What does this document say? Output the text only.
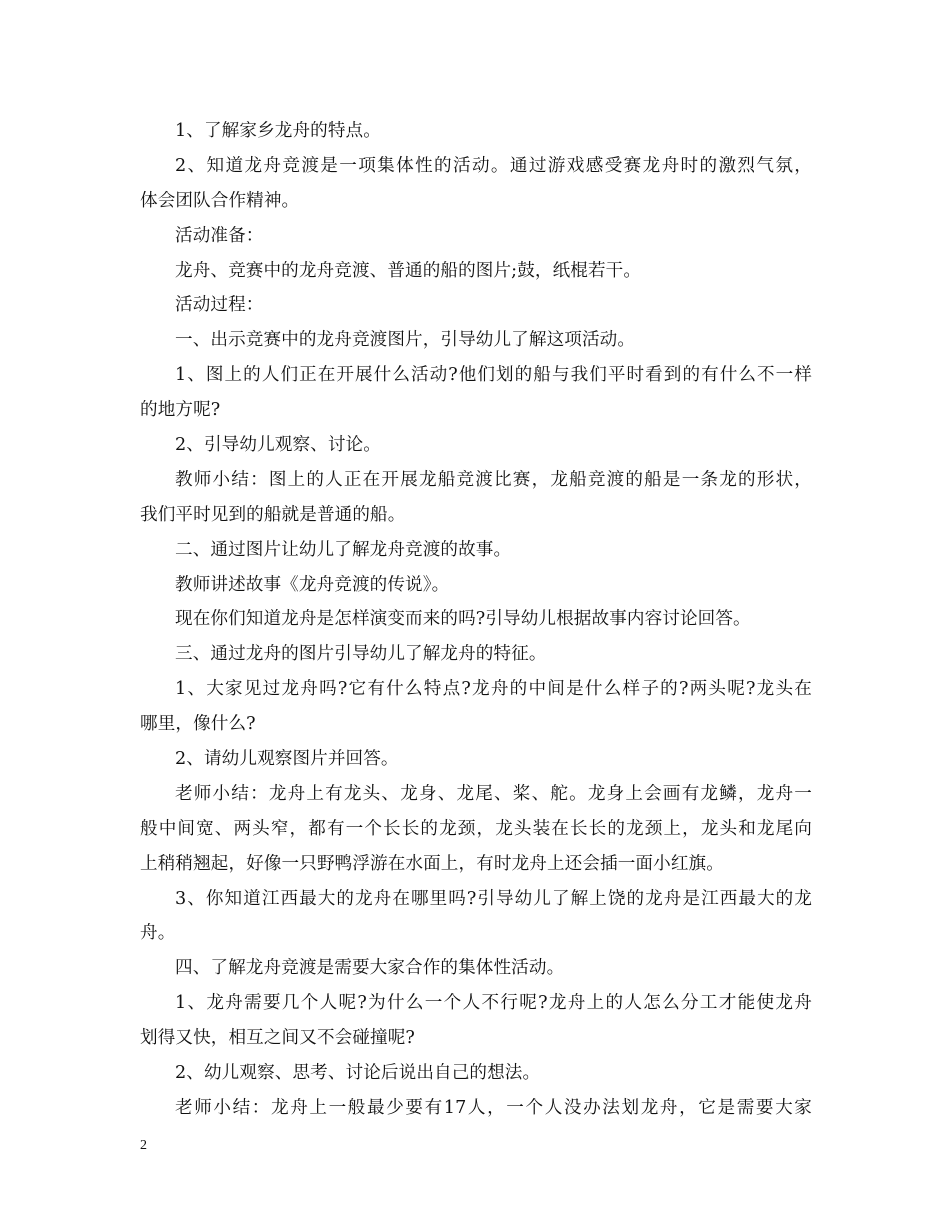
1、了解家乡龙舟的特点。
2、知道龙舟竞渡是一项集体性的活动。通过游戏感受赛龙舟时的激烈气氛，
体会团队合作精神。
活动准备：
龙舟、竞赛中的龙舟竞渡、普通的船的图片;鼓，纸棍若干。
活动过程：
一、出示竞赛中的龙舟竞渡图片，引导幼儿了解这项活动。
1、图上的人们正在开展什么活动?他们划的船与我们平时看到的有什么不一样
的地方呢?
2、引导幼儿观察、讨论。
教师小结：图上的人正在开展龙船竞渡比赛，龙船竞渡的船是一条龙的形状，
我们平时见到的船就是普通的船。
二、通过图片让幼儿了解龙舟竞渡的故事。
教师讲述故事《龙舟竞渡的传说》。
现在你们知道龙舟是怎样演变而来的吗?引导幼儿根据故事内容讨论回答。
三、通过龙舟的图片引导幼儿了解龙舟的特征。
1、大家见过龙舟吗?它有什么特点?龙舟的中间是什么样子的?两头呢?龙头在
哪里，像什么?
2、请幼儿观察图片并回答。
老师小结：龙舟上有龙头、龙身、龙尾、桨、舵。龙身上会画有龙鳞，龙舟一
般中间宽、两头窄，都有一个长长的龙颈，龙头装在长长的龙颈上，龙头和龙尾向
上稍稍翘起，好像一只野鸭浮游在水面上，有时龙舟上还会插一面小红旗。
3、你知道江西最大的龙舟在哪里吗?引导幼儿了解上饶的龙舟是江西最大的龙
舟。
四、了解龙舟竞渡是需要大家合作的集体性活动。
1、龙舟需要几个人呢?为什么一个人不行呢?龙舟上的人怎么分工才能使龙舟
划得又快，相互之间又不会碰撞呢?
2、幼儿观察、思考、讨论后说出自己的想法。
老师小结：龙舟上一般最少要有17人，一个人没办法划龙舟，它是需要大家
2
